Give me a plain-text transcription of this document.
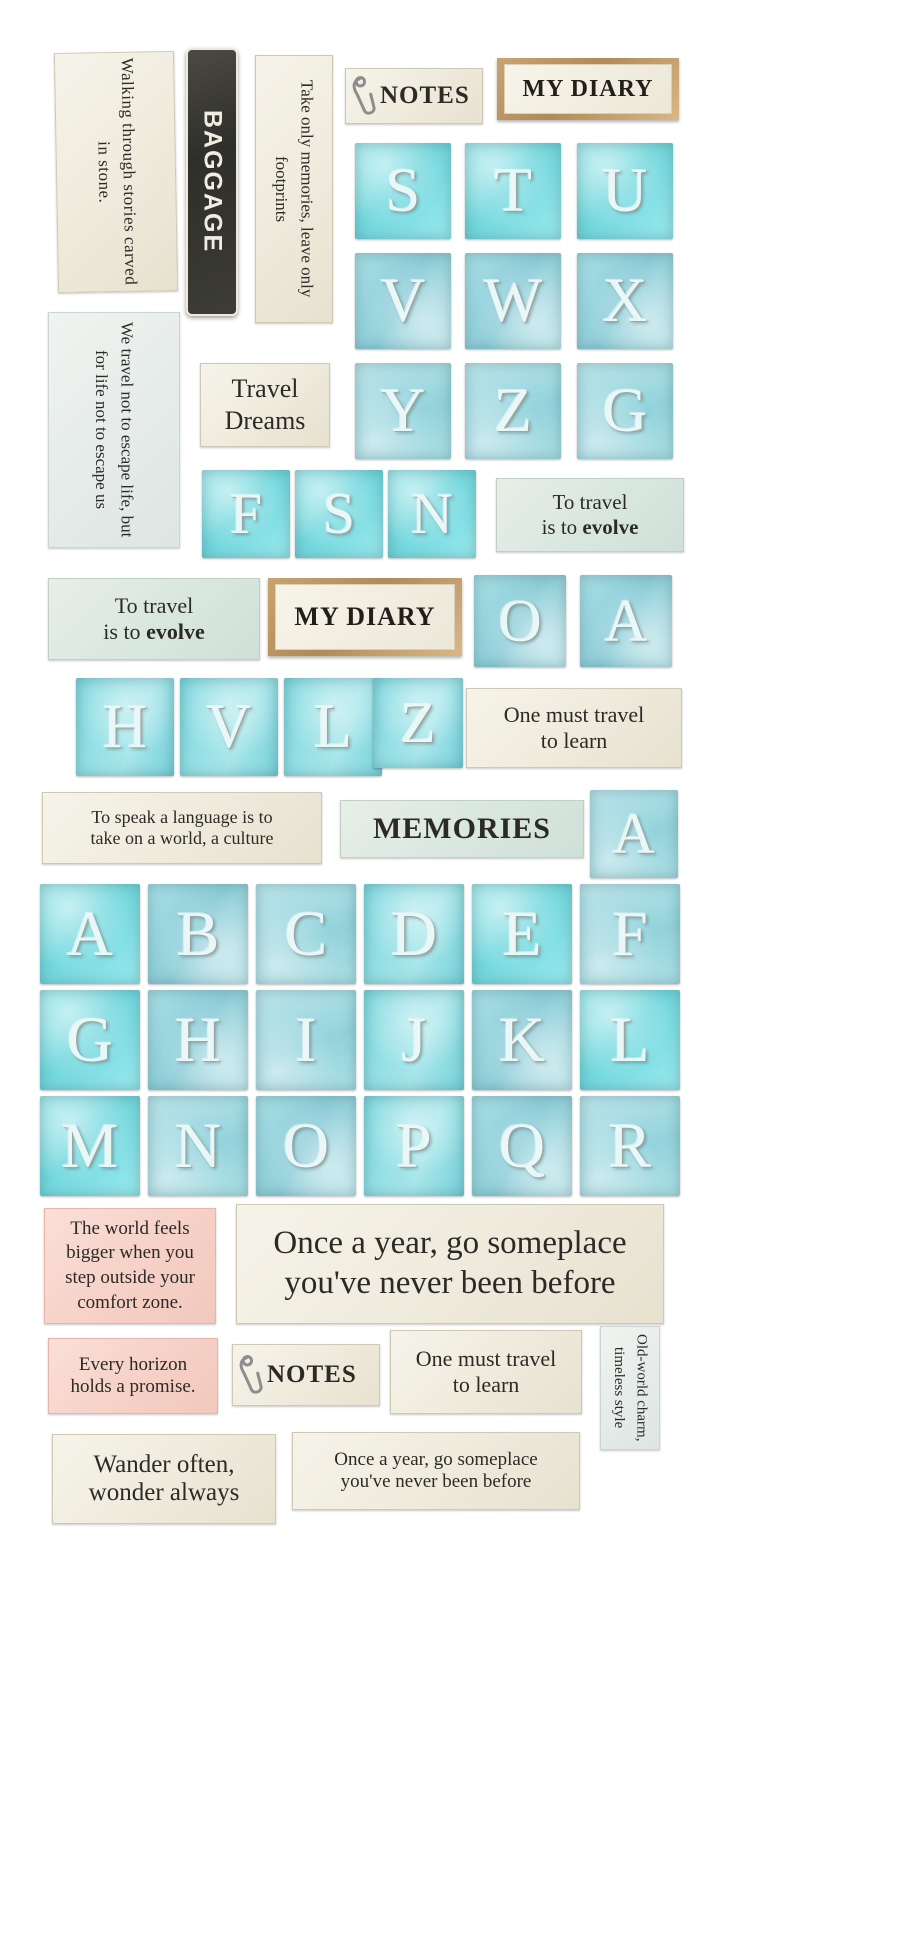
Walking through stories carved in stone.	BAGGAGE	Take only memories, leave only footprints
NOTES	MY DIARY
S T U
V W X
Y Z G
We travel not to escape life, but for life not to escape us	Travel Dreams
F S N	To travel
is to evolve
To travel
is to evolve
MY DIARY	O A
H V L Z	One must travel
to learn
To speak a language is to
take on a world, a culture	MEMORIES A
A B C D E F
G H I J K L
M N O P Q R
The world feels bigger when you step outside your comfort zone.
Once a year, go someplace
you've never been before
Every horizon
holds a promise.	NOTES
One must travel
to learn	Old-world charm, timeless style
Wander often,
wonder always
Once a year, go someplace
you've never been before
